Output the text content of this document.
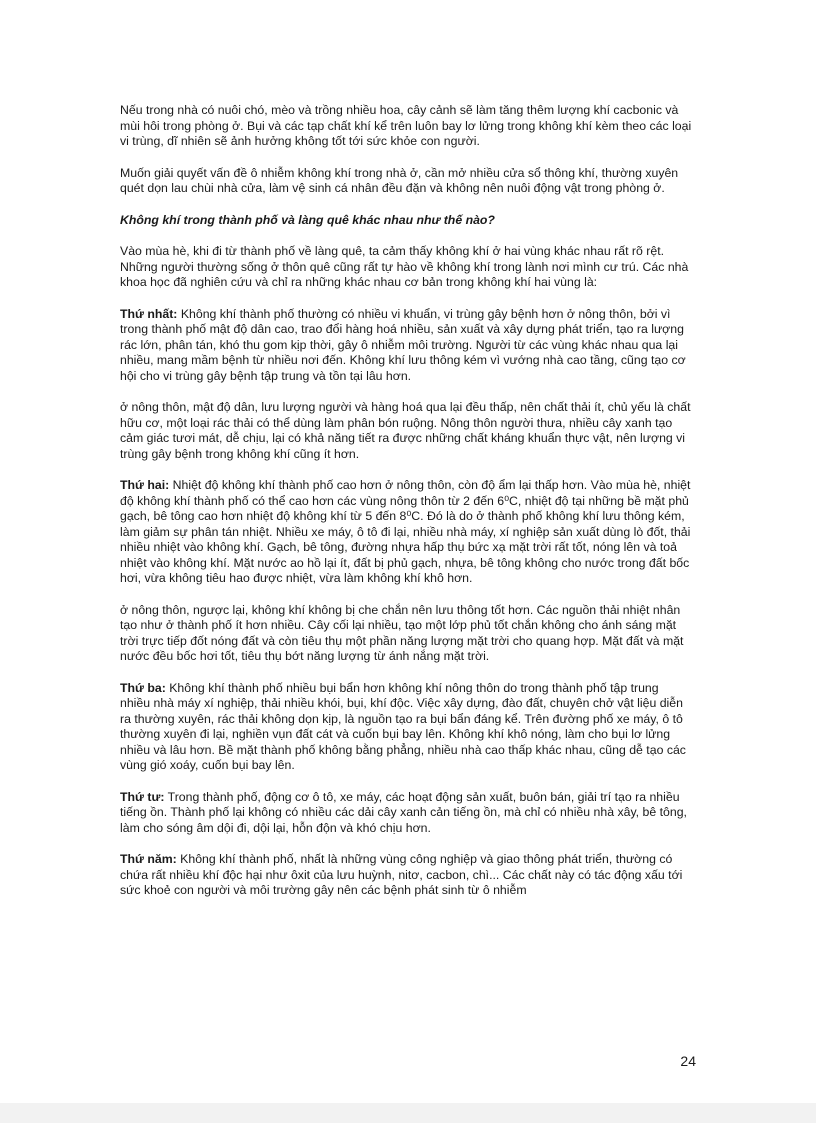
Nếu trong nhà có nuôi chó, mèo và trồng nhiều hoa, cây cảnh sẽ làm tăng thêm lượng khí cacbonic và mùi hôi trong phòng ở. Bụi và các tạp chất khí kể trên luôn bay lơ lửng trong không khí kèm theo các loại vi trùng, dĩ nhiên sẽ ảnh hưởng không tốt tới sức khỏe con người.

Muốn giải quyết vấn đề ô nhiễm không khí trong nhà ở, cần mở nhiều cửa sổ thông khí, thường xuyên quét dọn lau chùi nhà cửa, làm vệ sinh cá nhân đều đặn và không nên nuôi động vật trong phòng ở.

Không khí trong thành phố và làng quê khác nhau như thế nào?

Vào mùa hè, khi đi từ thành phố về làng quê, ta cảm thấy không khí ở hai vùng khác nhau rất rõ rệt. Những người thường sống ở thôn quê cũng rất tự hào về không khí trong lành nơi mình cư trú. Các nhà khoa học đã nghiên cứu và chỉ ra những khác nhau cơ bản trong không khí hai vùng là:

Thứ nhất: Không khí thành phố thường có nhiều vi khuẩn, vi trùng gây bệnh hơn ở nông thôn, bởi vì trong thành phố mật độ dân cao, trao đổi hàng hoá nhiều, sản xuất và xây dựng phát triển, tạo ra lượng rác lớn, phân tán, khó thu gom kịp thời, gây ô nhiễm môi trường. Người từ các vùng khác nhau qua lại nhiều, mang mầm bệnh từ nhiều nơi đến. Không khí lưu thông kém vì vướng nhà cao tầng, cũng tạo cơ hội cho vi trùng gây bệnh tập trung và tồn tại lâu hơn.

ở nông thôn, mật độ dân, lưu lượng người và hàng hoá qua lại đều thấp, nên chất thải ít, chủ yếu là chất hữu cơ, một loại rác thải có thể dùng làm phân bón ruộng. Nông thôn người thưa, nhiều cây xanh tạo cảm giác tươi mát, dễ chịu, lại có khả năng tiết ra được những chất kháng khuẩn thực vật, nên lượng vi trùng gây bệnh trong không khí cũng ít hơn.

Thứ hai: Nhiệt độ không khí thành phố cao hơn ở nông thôn, còn độ ẩm lại thấp hơn. Vào mùa hè, nhiệt độ không khí thành phố có thể cao hơn các vùng nông thôn từ 2 đến 6⁰C, nhiệt độ tại những bề mặt phủ gạch, bê tông cao hơn nhiệt độ không khí từ 5 đến 8⁰C. Đó là do ở thành phố không khí lưu thông kém, làm giảm sự phân tán nhiệt. Nhiều xe máy, ô tô đi lại, nhiều nhà máy, xí nghiệp sản xuất dùng lò đốt, thải nhiều nhiệt vào không khí. Gạch, bê tông, đường nhựa hấp thụ bức xạ mặt trời rất tốt, nóng lên và toả nhiệt vào không khí. Mặt nước ao hồ lại ít, đất bị phủ gạch, nhựa, bê tông không cho nước trong đất bốc hơi, vừa không tiêu hao được nhiệt, vừa làm không khí khô hơn.

ở nông thôn, ngược lại, không khí không bị che chắn nên lưu thông tốt hơn. Các nguồn thải nhiệt nhân tạo như ở thành phố ít hơn nhiều. Cây cối lại nhiều, tạo một lớp phủ tốt chắn không cho ánh sáng mặt trời trực tiếp đốt nóng đất và còn tiêu thụ một phần năng lượng mặt trời cho quang hợp. Mặt đất và mặt nước đều bốc hơi tốt, tiêu thụ bớt năng lượng từ ánh nắng mặt trời.

Thứ ba: Không khí thành phố nhiều bụi bẩn hơn không khí nông thôn do trong thành phố tập trung nhiều nhà máy xí nghiệp, thải nhiều khói, bụi, khí độc. Việc xây dựng, đào đất, chuyên chở vật liệu diễn ra thường xuyên, rác thải không dọn kịp, là nguồn tạo ra bụi bẩn đáng kể. Trên đường phố xe máy, ô tô thường xuyên đi lại, nghiền vụn đất cát và cuốn bụi bay lên. Không khí khô nóng, làm cho bụi lơ lửng nhiều và lâu hơn. Bề mặt thành phố không bằng phẳng, nhiều nhà cao thấp khác nhau, cũng dễ tạo các vùng gió xoáy, cuốn bụi bay lên.

Thứ tư: Trong thành phố, động cơ ô tô, xe máy, các hoạt động sản xuất, buôn bán, giải trí tạo ra nhiều tiếng ồn. Thành phố lại không có nhiều các dải cây xanh cản tiếng ồn, mà chỉ có nhiều nhà xây, bê tông, làm cho sóng âm dội đi, dội lại, hỗn độn và khó chịu hơn.

Thứ năm: Không khí thành phố, nhất là những vùng công nghiệp và giao thông phát triển, thường có chứa rất nhiều khí độc hại như ôxit của lưu huỳnh, nitơ, cacbon, chì... Các chất này có tác động xấu tới sức khoẻ con người và môi trường gây nên các bệnh phát sinh từ ô nhiễm

24
